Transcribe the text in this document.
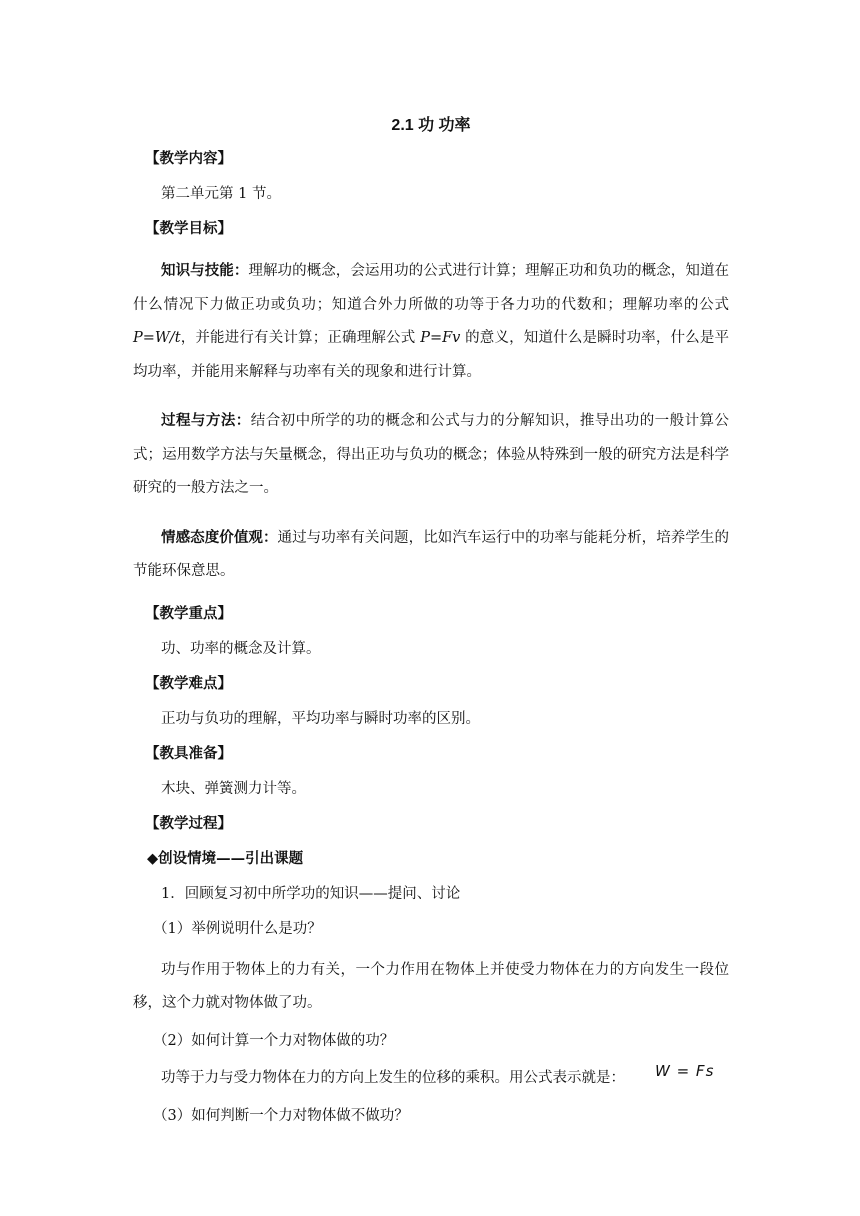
2.1 功 功率
【教学内容】
第二单元第 1 节。
【教学目标】
知识与技能：理解功的概念，会运用功的公式进行计算；理解正功和负功的概念，知道在什么情况下力做正功或负功；知道合外力所做的功等于各力功的代数和；理解功率的公式P=W/t，并能进行有关计算；正确理解公式 P=Fv 的意义，知道什么是瞬时功率，什么是平均功率，并能用来解释与功率有关的现象和进行计算。
过程与方法：结合初中所学的功的概念和公式与力的分解知识，推导出功的一般计算公式；运用数学方法与矢量概念，得出正功与负功的概念；体验从特殊到一般的研究方法是科学研究的一般方法之一。
情感态度价值观：通过与功率有关问题，比如汽车运行中的功率与能耗分析，培养学生的节能环保意思。
【教学重点】
功、功率的概念及计算。
【教学难点】
正功与负功的理解，平均功率与瞬时功率的区别。
【教具准备】
木块、弹簧测力计等。
【教学过程】
◆创设情境——引出课题
1．回顾复习初中所学功的知识——提问、讨论
（1）举例说明什么是功？
功与作用于物体上的力有关，一个力作用在物体上并使受力物体在力的方向发生一段位移，这个力就对物体做了功。
（2）如何计算一个力对物体做的功？
功等于力与受力物体在力的方向上发生的位移的乘积。用公式表示就是： W = Fs
（3）如何判断一个力对物体做不做功？
